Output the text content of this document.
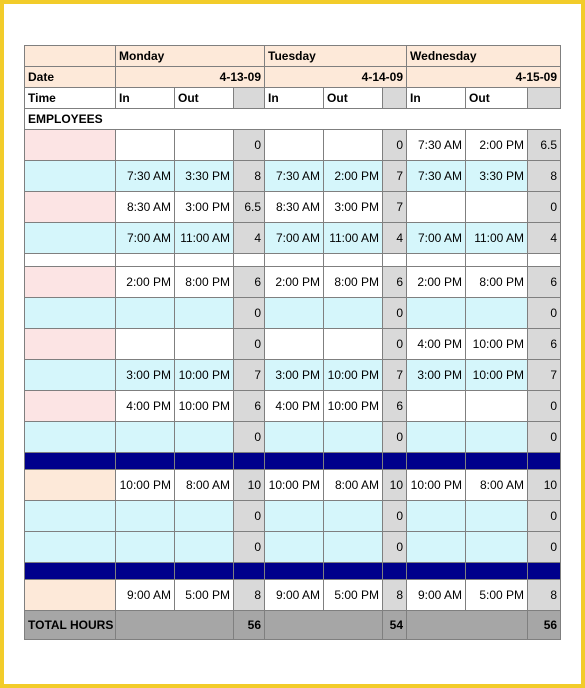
	Monday			Tuesday			Wednesday		
Date	4-13-09			4-14-09			4-15-09		
Time	In	Out		In	Out		In	Out	
EMPLOYEES									
			0			0	7:30 AM	2:00 PM	6.5
	7:30 AM	3:30 PM	8	7:30 AM	2:00 PM	7	7:30 AM	3:30 PM	8
	8:30 AM	3:00 PM	6.5	8:30 AM	3:00 PM	7			0
	7:00 AM	11:00 AM	4	7:00 AM	11:00 AM	4	7:00 AM	11:00 AM	4

	2:00 PM	8:00 PM	6	2:00 PM	8:00 PM	6	2:00 PM	8:00 PM	6
			0			0			0
			0			0	4:00 PM	10:00 PM	6
	3:00 PM	10:00 PM	7	3:00 PM	10:00 PM	7	3:00 PM	10:00 PM	7
	4:00 PM	10:00 PM	6	4:00 PM	10:00 PM	6			0
			0			0			0

	10:00 PM	8:00 AM	10	10:00 PM	8:00 AM	10	10:00 PM	8:00 AM	10
			0			0			0
			0			0			0

	9:00 AM	5:00 PM	8	9:00 AM	5:00 PM	8	9:00 AM	5:00 PM	8
TOTAL HOURS			56			54			56
